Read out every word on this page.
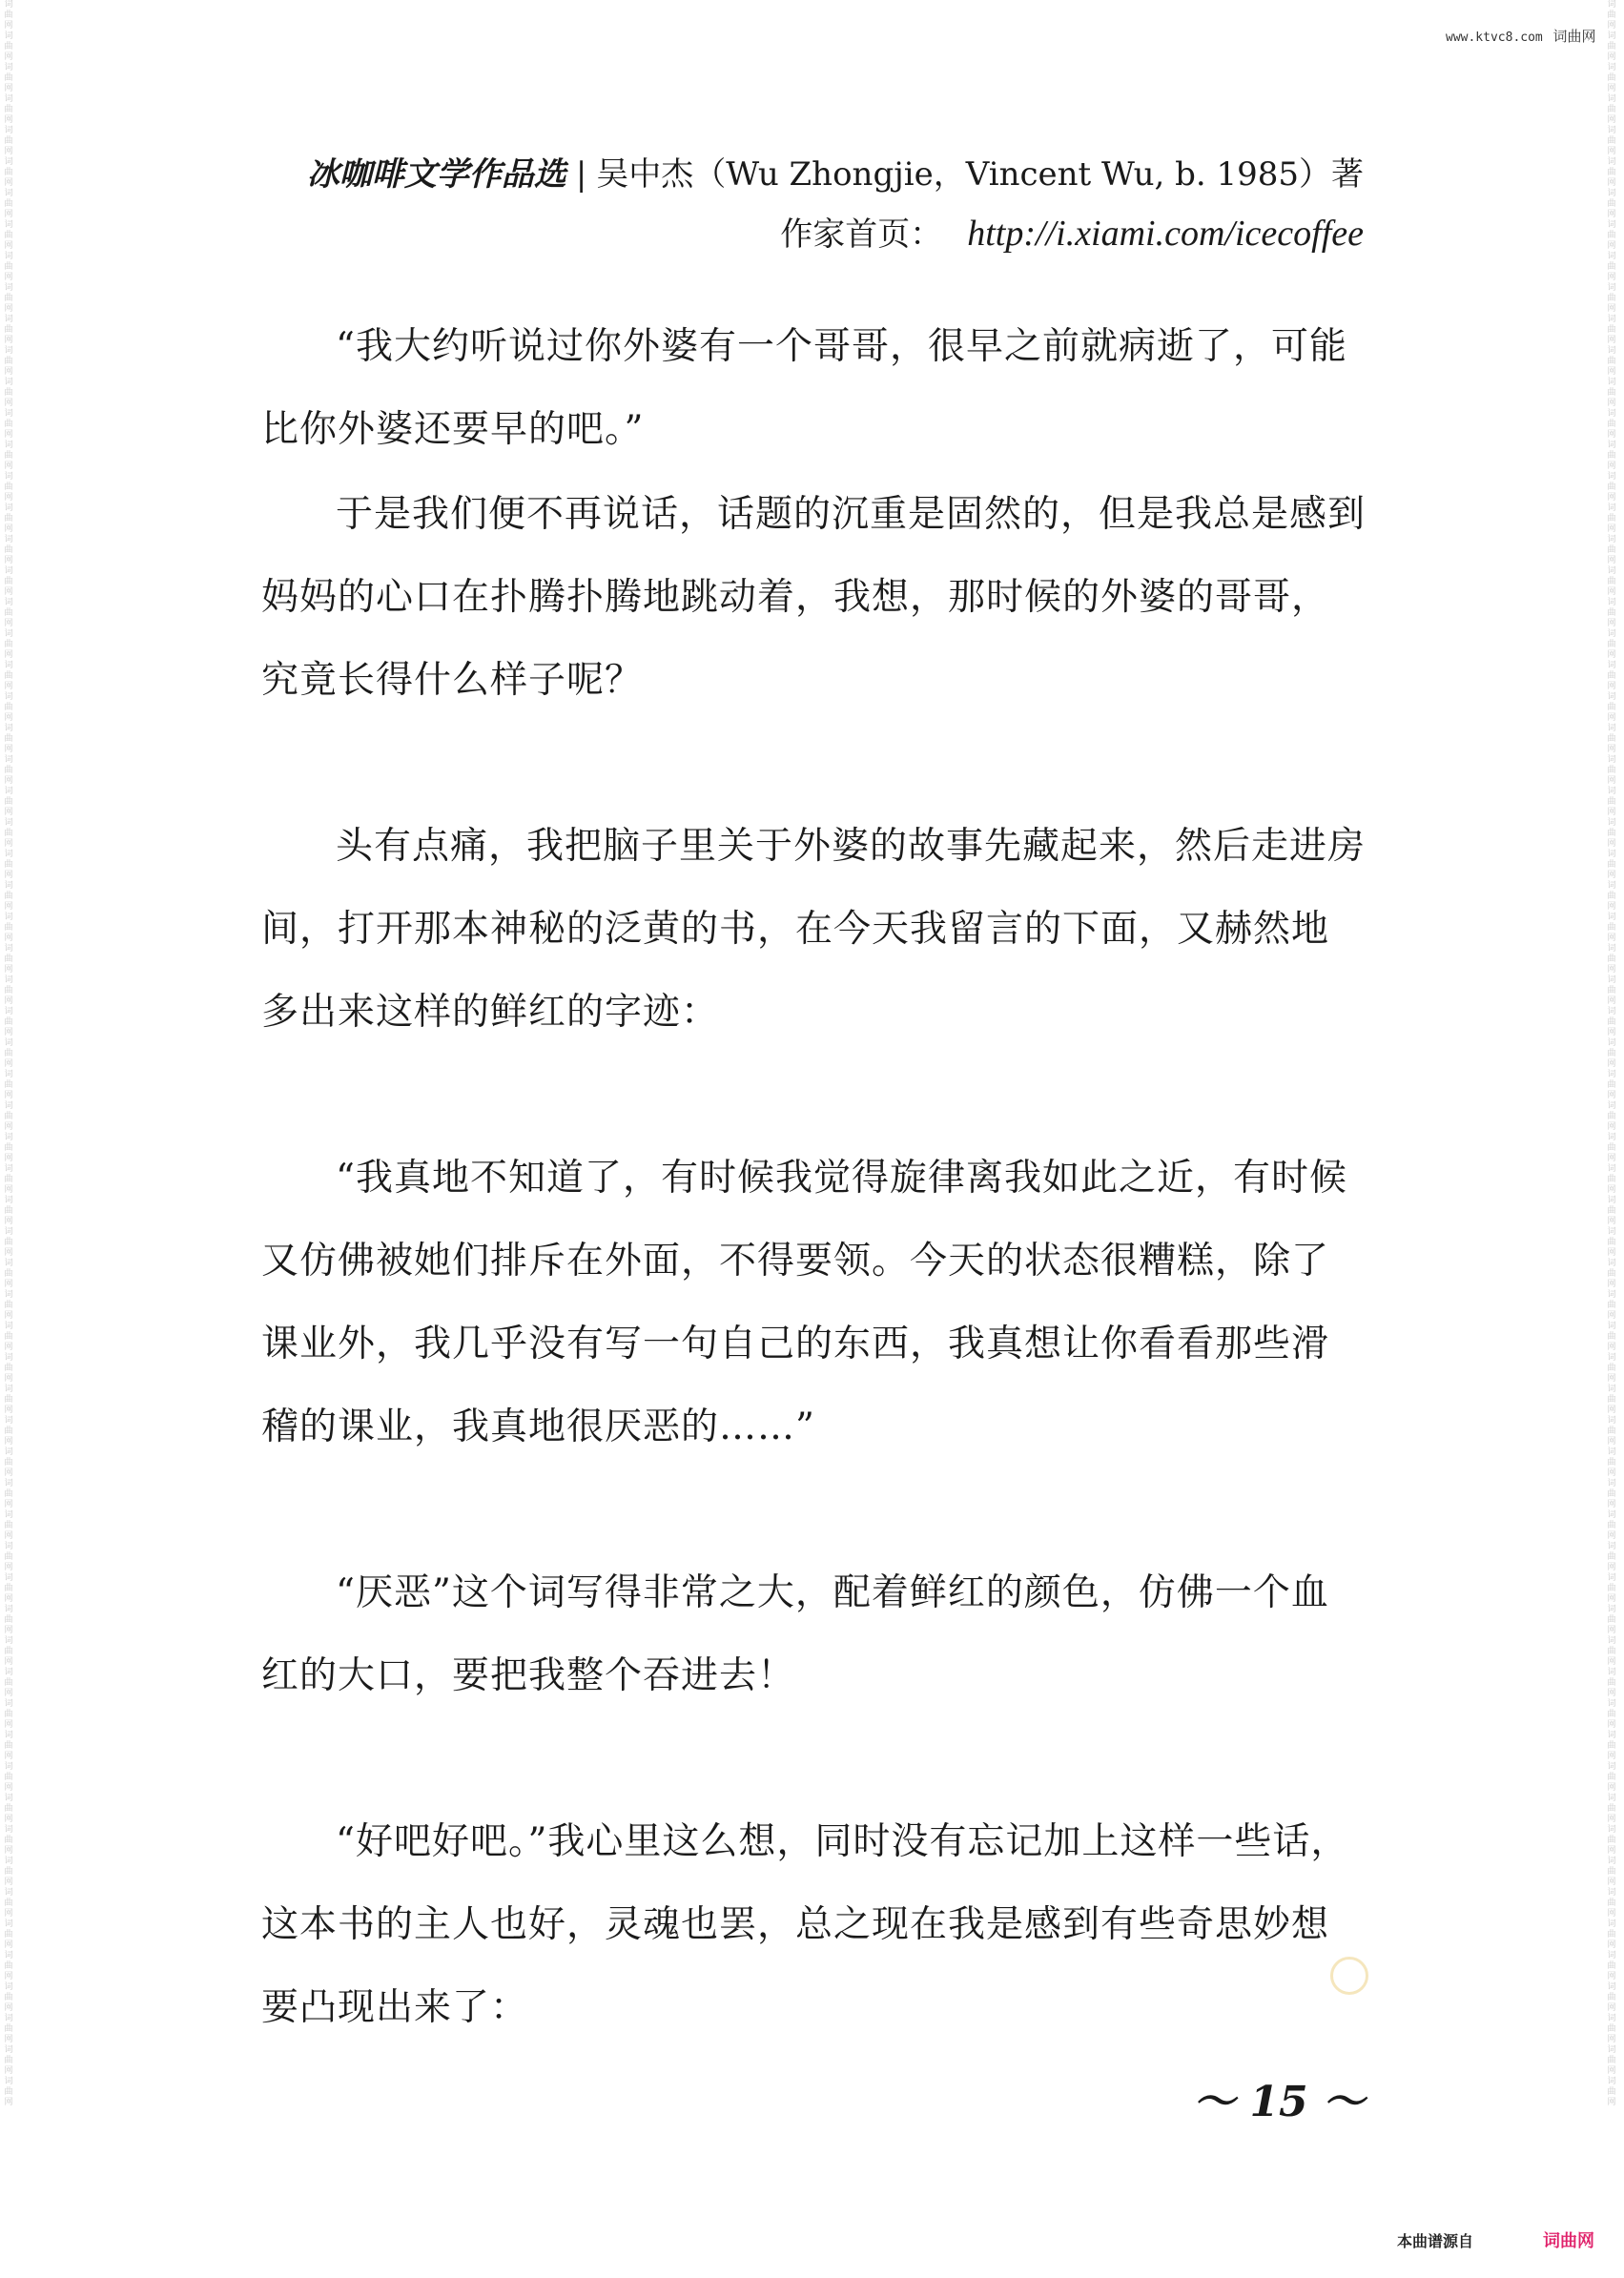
词曲网词曲网词曲网词曲网词曲网词曲网词曲网词曲网词曲网词曲网词曲网词曲网词曲网词曲网词曲网词曲网词曲网词曲网词曲网词曲网词曲网词曲网词曲网词曲网词曲网词曲网词曲网词曲网词曲网词曲网词曲网词曲网词曲网词曲网词曲网词曲网词曲网词曲网词曲网词曲网词曲网词曲网词曲网词曲网词曲网词曲网词曲网词曲网词曲网词曲网词曲网词曲网词曲网词曲网词曲网词曲网词曲网词曲网词曲网词曲网词曲网词曲网词曲网词曲网词曲网词曲网词曲网
词曲网词曲网词曲网词曲网词曲网词曲网词曲网词曲网词曲网词曲网词曲网词曲网词曲网词曲网词曲网词曲网词曲网词曲网词曲网词曲网词曲网词曲网词曲网词曲网词曲网词曲网词曲网词曲网词曲网词曲网词曲网词曲网词曲网词曲网词曲网词曲网词曲网词曲网词曲网词曲网词曲网词曲网词曲网词曲网词曲网词曲网词曲网词曲网词曲网词曲网词曲网词曲网词曲网词曲网词曲网词曲网词曲网词曲网词曲网词曲网词曲网词曲网词曲网词曲网词曲网词曲网词曲网
www.ktvc8.com 词曲网
冰咖啡文学作品选 | 吴中杰（Wu Zhongjie，Vincent Wu, b. 1985）著
作家首页： http://i.xiami.com/icecoffee

“我大约听说过你外婆有一个哥哥，很早之前就病逝了，可能比你外婆还要早的吧。”

于是我们便不再说话，话题的沉重是固然的，但是我总是感到妈妈的心口在扑腾扑腾地跳动着，我想，那时候的外婆的哥哥，究竟长得什么样子呢？

头有点痛，我把脑子里关于外婆的故事先藏起来，然后走进房间，打开那本神秘的泛黄的书，在今天我留言的下面，又赫然地多出来这样的鲜红的字迹：

“我真地不知道了，有时候我觉得旋律离我如此之近，有时候又仿佛被她们排斥在外面，不得要领。今天的状态很糟糕，除了课业外，我几乎没有写一句自己的东西，我真想让你看看那些滑稽的课业，我真地很厌恶的……”

“厌恶”这个词写得非常之大，配着鲜红的颜色，仿佛一个血红的大口，要把我整个吞进去！

“好吧好吧。”我心里这么想，同时没有忘记加上这样一些话，这本书的主人也好，灵魂也罢，总之现在我是感到有些奇思妙想要凸现出来了：

～ 15 ～
本曲谱源自	词曲网
